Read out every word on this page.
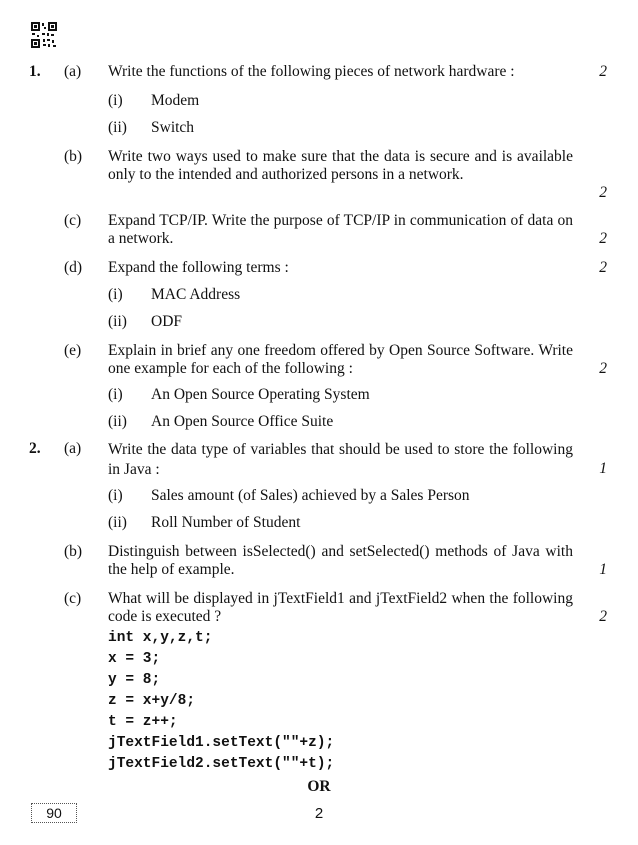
1. (a) Write the functions of the following pieces of network hardware :	2
(i) Modem
(ii) Switch
(b) Write two ways used to make sure that the data is secure and is available only to the intended and authorized persons in a network.
2
(c) Expand TCP/IP. Write the purpose of TCP/IP in communication of data on a network.	2
(d) Expand the following terms :	2
(i) MAC Address
(ii) ODF
(e) Explain in brief any one freedom offered by Open Source Software. Write one example for each of the following :	2
(i) An Open Source Operating System
(ii) An Open Source Office Suite
2. (a) Write the data type of variables that should be used to store the following in Java :	1
(i) Sales amount (of Sales) achieved by a Sales Person
(ii) Roll Number of Student
(b) Distinguish between isSelected() and setSelected() methods of Java with the help of example.	1
(c) What will be displayed in jTextField1 and jTextField2 when the following code is executed ?	2
int x,y,z,t;
x = 3;
y = 8;
z = x+y/8;
t = z++;
jTextField1.setText(""+z);
jTextField2.setText(""+t);
OR
90	2
